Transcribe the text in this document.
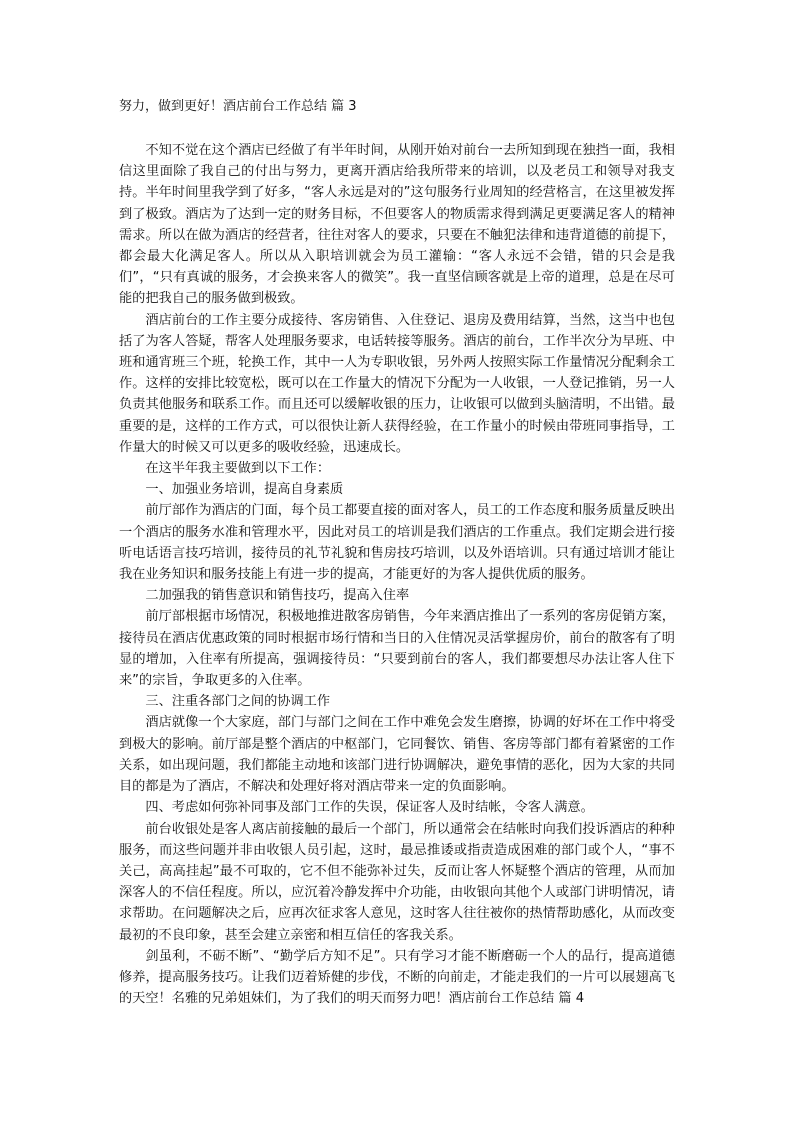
努力，做到更好！酒店前台工作总结 篇 3

不知不觉在这个酒店已经做了有半年时间，从刚开始对前台一去所知到现在独挡一面，我相信这里面除了我自己的付出与努力，更离开酒店给我所带来的培训，以及老员工和领导对我支持。半年时间里我学到了好多，“客人永远是对的”这句服务行业周知的经营格言，在这里被发挥到了极致。酒店为了达到一定的财务目标，不但要客人的物质需求得到满足更要满足客人的精神需求。所以在做为酒店的经营者，往往对客人的要求，只要在不触犯法律和违背道德的前提下，都会最大化满足客人。所以从入职培训就会为员工灌输：“客人永远不会错，错的只会是我们”，“只有真诚的服务，才会换来客人的微笑”。我一直坚信顾客就是上帝的道理，总是在尽可能的把我自己的服务做到极致。

酒店前台的工作主要分成接待、客房销售、入住登记、退房及费用结算，当然，这当中也包括了为客人答疑，帮客人处理服务要求，电话转接等服务。酒店的前台，工作半次分为早班、中班和通宵班三个班，轮换工作，其中一人为专职收银，另外两人按照实际工作量情况分配剩余工作。这样的安排比较宽松，既可以在工作量大的情况下分配为一人收银，一人登记推销，另一人负责其他服务和联系工作。而且还可以缓解收银的压力，让收银可以做到头脑清明，不出错。最重要的是，这样的工作方式，可以很快让新人获得经验，在工作量小的时候由带班同事指导，工作量大的时候又可以更多的吸收经验，迅速成长。

在这半年我主要做到以下工作：

一、加强业务培训，提高自身素质

前厅部作为酒店的门面，每个员工都要直接的面对客人，员工的工作态度和服务质量反映出一个酒店的服务水准和管理水平，因此对员工的培训是我们酒店的工作重点。我们定期会进行接听电话语言技巧培训，接待员的礼节礼貌和售房技巧培训，以及外语培训。只有通过培训才能让我在业务知识和服务技能上有进一步的提高，才能更好的为客人提供优质的服务。

二加强我的销售意识和销售技巧，提高入住率

前厅部根据市场情况，积极地推进散客房销售，今年来酒店推出了一系列的客房促销方案，接待员在酒店优惠政策的同时根据市场行情和当日的入住情况灵活掌握房价，前台的散客有了明显的增加，入住率有所提高，强调接待员：“只要到前台的客人，我们都要想尽办法让客人住下来”的宗旨，争取更多的入住率。

三、注重各部门之间的协调工作

酒店就像一个大家庭，部门与部门之间在工作中难免会发生磨擦，协调的好坏在工作中将受到极大的影响。前厅部是整个酒店的中枢部门，它同餐饮、销售、客房等部门都有着紧密的工作关系，如出现问题，我们都能主动地和该部门进行协调解决，避免事情的恶化，因为大家的共同目的都是为了酒店，不解决和处理好将对酒店带来一定的负面影响。

四、考虑如何弥补同事及部门工作的失误，保证客人及时结帐，令客人满意。

前台收银处是客人离店前接触的最后一个部门，所以通常会在结帐时向我们投诉酒店的种种服务，而这些问题并非由收银人员引起，这时，最忌推诿或指责造成困难的部门或个人，“事不关己，高高挂起”最不可取的，它不但不能弥补过失，反而让客人怀疑整个酒店的管理，从而加深客人的不信任程度。所以，应沉着冷静发挥中介功能，由收银向其他个人或部门讲明情况，请求帮助。在问题解决之后，应再次征求客人意见，这时客人往往被你的热情帮助感化，从而改变最初的不良印象，甚至会建立亲密和相互信任的客我关系。

剑虽利，不砺不断”、“勤学后方知不足”。只有学习才能不断磨砺一个人的品行，提高道德修养，提高服务技巧。让我们迈着矫健的步伐，不断的向前走，才能走我们的一片可以展翅高飞的天空！名雅的兄弟姐妹们，为了我们的明天而努力吧！酒店前台工作总结 篇 4
